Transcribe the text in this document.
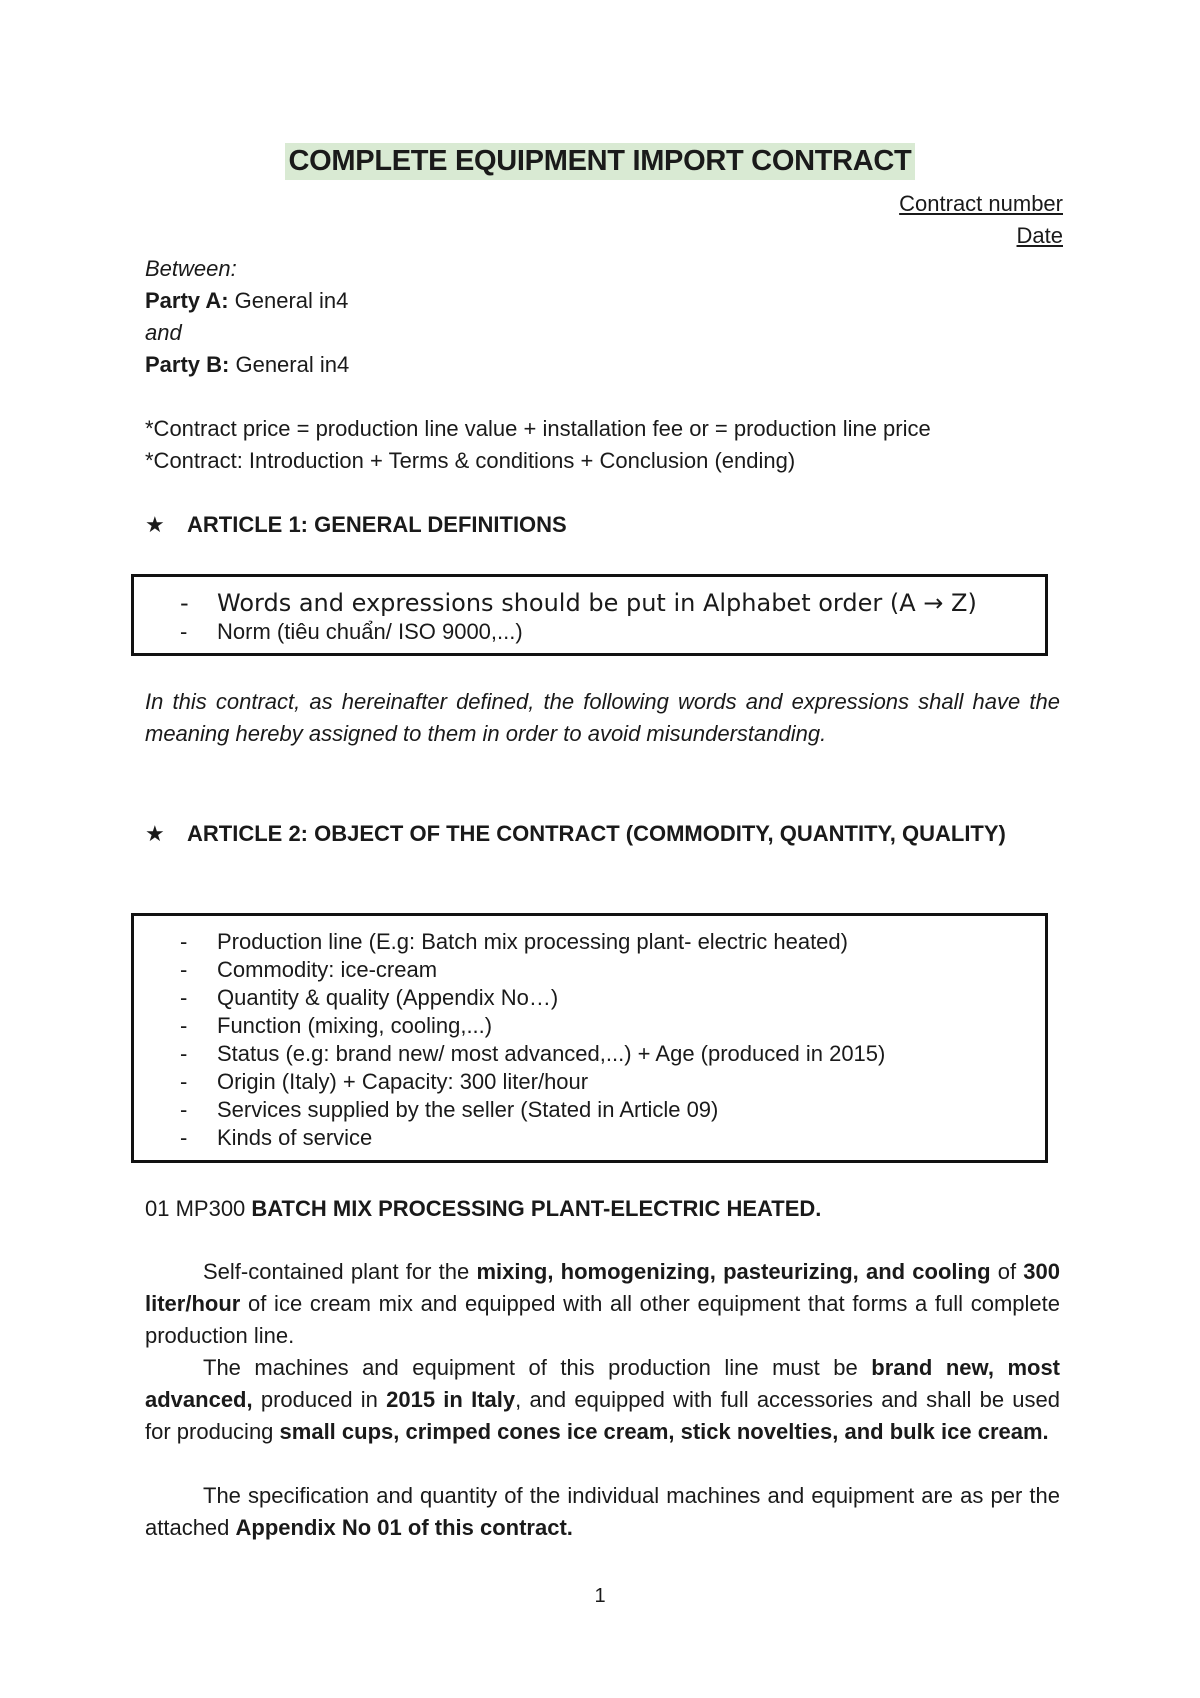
COMPLETE EQUIPMENT IMPORT CONTRACT
Contract number
Date
Between:
Party A: General in4
and
Party B: General in4
*Contract price = production line value + installation fee or = production line price
*Contract: Introduction + Terms & conditions + Conclusion (ending)
★ ARTICLE 1: GENERAL DEFINITIONS
- Words and expressions should be put in Alphabet order (A → Z)
- Norm (tiêu chuẩn/ ISO 9000,...)
In this contract, as hereinafter defined, the following words and expressions shall have the meaning hereby assigned to them in order to avoid misunderstanding.
★ ARTICLE 2: OBJECT OF THE CONTRACT (COMMODITY, QUANTITY, QUALITY)
- Production line (E.g: Batch mix processing plant- electric heated)
- Commodity: ice-cream
- Quantity & quality (Appendix No…)
- Function (mixing, cooling,...)
- Status (e.g: brand new/ most advanced,...) + Age (produced in 2015)
- Origin (Italy) + Capacity: 300 liter/hour
- Services supplied by the seller (Stated in Article 09)
- Kinds of service
01 MP300 BATCH MIX PROCESSING PLANT-ELECTRIC HEATED.
Self-contained plant for the mixing, homogenizing, pasteurizing, and cooling of 300 liter/hour of ice cream mix and equipped with all other equipment that forms a full complete production line.
The machines and equipment of this production line must be brand new, most advanced, produced in 2015 in Italy, and equipped with full accessories and shall be used for producing small cups, crimped cones ice cream, stick novelties, and bulk ice cream.
The specification and quantity of the individual machines and equipment are as per the attached Appendix No 01 of this contract.
1
